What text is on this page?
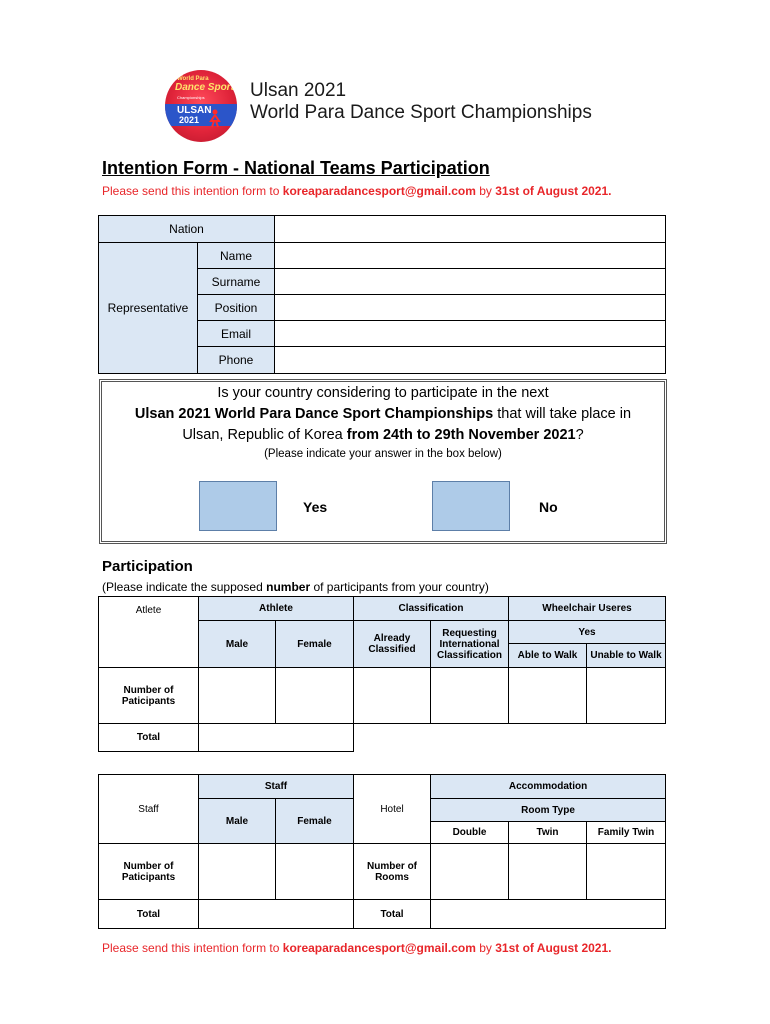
World Para
Dance Sport
Championships
ULSAN
2021
Ulsan 2021
World Para Dance Sport Championships
Intention Form - National Teams Participation
Please send this intention form to koreaparadancesport@gmail.com by 31st of August 2021.
Nation		
Representative	Name	
	Surname	
	Position	
	Email	
	Phone	
Is your country considering to participate in the next
Ulsan 2021 World Para Dance Sport Championships that will take place in
Ulsan, Republic of Korea from 24th to 29th November 2021?
(Please indicate your answer in the box below)
Yes	No
Participation
(Please indicate the supposed number of participants from your country)
Atlete	Athlete		Classification		Wheelchair Useres	
	Male	Female	Already Classified	Requesting International Classification	Yes	
					Able to Walk	Unable to Walk
Number of Paticipants						
Total						
Staff	Staff		Hotel	Accommodation		
	Male	Female		Room Type		
				Double	Twin	Family Twin
Number of Paticipants			Number of Rooms			
Total			Total			
Please send this intention form to koreaparadancesport@gmail.com by 31st of August 2021.
